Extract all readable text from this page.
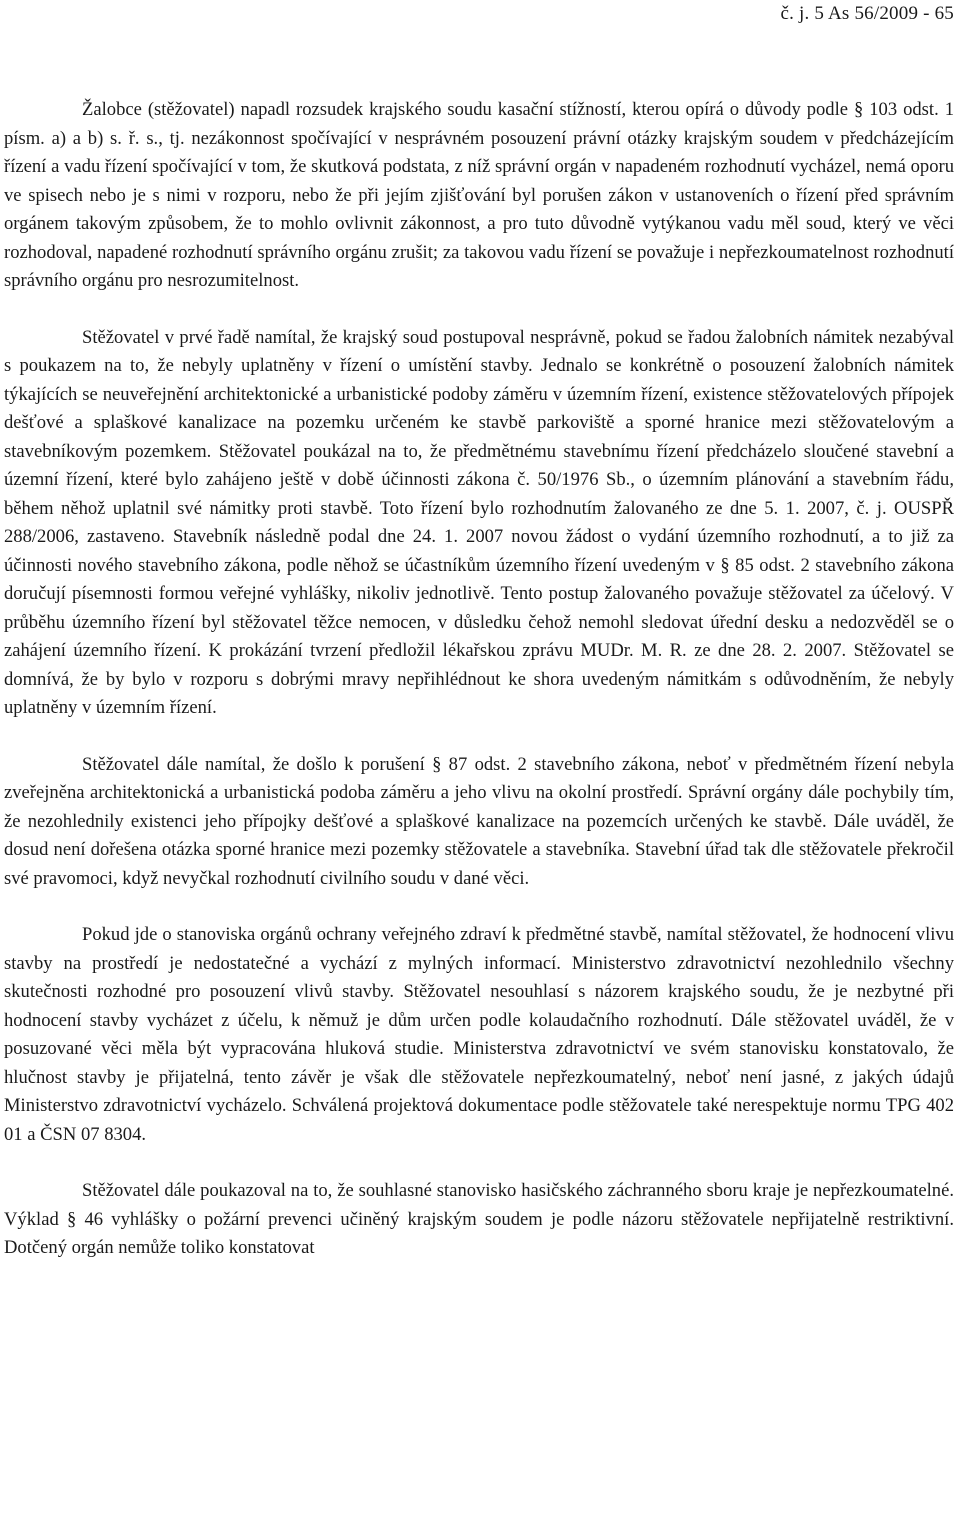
č. j. 5 As 56/2009 - 65

Žalobce (stěžovatel) napadl rozsudek krajského soudu kasační stížností, kterou opírá o důvody podle § 103 odst. 1 písm. a) a b) s. ř. s., tj. nezákonnost spočívající v nesprávném posouzení právní otázky krajským soudem v předcházejícím řízení a vadu řízení spočívající v tom, že skutková podstata, z níž správní orgán v napadeném rozhodnutí vycházel, nemá oporu ve spisech nebo je s nimi v rozporu, nebo že při jejím zjišťování byl porušen zákon v ustanoveních o řízení před správním orgánem takovým způsobem, že to mohlo ovlivnit zákonnost, a pro tuto důvodně vytýkanou vadu měl soud, který ve věci rozhodoval, napadené rozhodnutí správního orgánu zrušit; za takovou vadu řízení se považuje i nepřezkoumatelnost rozhodnutí správního orgánu pro nesrozumitelnost.

Stěžovatel v prvé řadě namítal, že krajský soud postupoval nesprávně, pokud se řadou žalobních námitek nezabýval s poukazem na to, že nebyly uplatněny v řízení o umístění stavby. Jednalo se konkrétně o posouzení žalobních námitek týkajících se neuveřejnění architektonické a urbanistické podoby záměru v územním řízení, existence stěžovatelových přípojek dešťové a splaškové kanalizace na pozemku určeném ke stavbě parkoviště a sporné hranice mezi stěžovatelovým a stavebníkovým pozemkem. Stěžovatel poukázal na to, že předmětnému stavebnímu řízení předcházelo sloučené stavební a územní řízení, které bylo zahájeno ještě v době účinnosti zákona č. 50/1976 Sb., o územním plánování a stavebním řádu, během něhož uplatnil své námitky proti stavbě. Toto řízení bylo rozhodnutím žalovaného ze dne 5. 1. 2007, č. j. OUSPŘ 288/2006, zastaveno. Stavebník následně podal dne 24. 1. 2007 novou žádost o vydání územního rozhodnutí, a to již za účinnosti nového stavebního zákona, podle něhož se účastníkům územního řízení uvedeným v § 85 odst. 2 stavebního zákona doručují písemnosti formou veřejné vyhlášky, nikoliv jednotlivě. Tento postup žalovaného považuje stěžovatel za účelový. V průběhu územního řízení byl stěžovatel těžce nemocen, v důsledku čehož nemohl sledovat úřední desku a nedozvěděl se o zahájení územního řízení. K prokázání tvrzení předložil lékařskou zprávu MUDr. M. R. ze dne 28. 2. 2007. Stěžovatel se domnívá, že by bylo v rozporu s dobrými mravy nepřihlédnout ke shora uvedeným námitkám s odůvodněním, že nebyly uplatněny v územním řízení.

Stěžovatel dále namítal, že došlo k porušení § 87 odst. 2 stavebního zákona, neboť v předmětném řízení nebyla zveřejněna architektonická a urbanistická podoba záměru a jeho vlivu na okolní prostředí. Správní orgány dále pochybily tím, že nezohlednily existenci jeho přípojky dešťové a splaškové kanalizace na pozemcích určených ke stavbě. Dále uváděl, že dosud není dořešena otázka sporné hranice mezi pozemky stěžovatele a stavebníka. Stavební úřad tak dle stěžovatele překročil své pravomoci, když nevyčkal rozhodnutí civilního soudu v dané věci.

Pokud jde o stanoviska orgánů ochrany veřejného zdraví k předmětné stavbě, namítal stěžovatel, že hodnocení vlivu stavby na prostředí je nedostatečné a vychází z mylných informací. Ministerstvo zdravotnictví nezohlednilo všechny skutečnosti rozhodné pro posouzení vlivů stavby. Stěžovatel nesouhlasí s názorem krajského soudu, že je nezbytné při hodnocení stavby vycházet z účelu, k němuž je dům určen podle kolaudačního rozhodnutí. Dále stěžovatel uváděl, že v posuzované věci měla být vypracována hluková studie. Ministerstva zdravotnictví ve svém stanovisku konstatovalo, že hlučnost stavby je přijatelná, tento závěr je však dle stěžovatele nepřezkoumatelný, neboť není jasné, z jakých údajů Ministerstvo zdravotnictví vycházelo. Schválená projektová dokumentace podle stěžovatele také nerespektuje normu TPG 402 01 a ČSN 07 8304.

Stěžovatel dále poukazoval na to, že souhlasné stanovisko hasičského záchranného sboru kraje je nepřezkoumatelné. Výklad § 46 vyhlášky o požární prevenci učiněný krajským soudem je podle názoru stěžovatele nepřijatelně restriktivní. Dotčený orgán nemůže toliko konstatovat
